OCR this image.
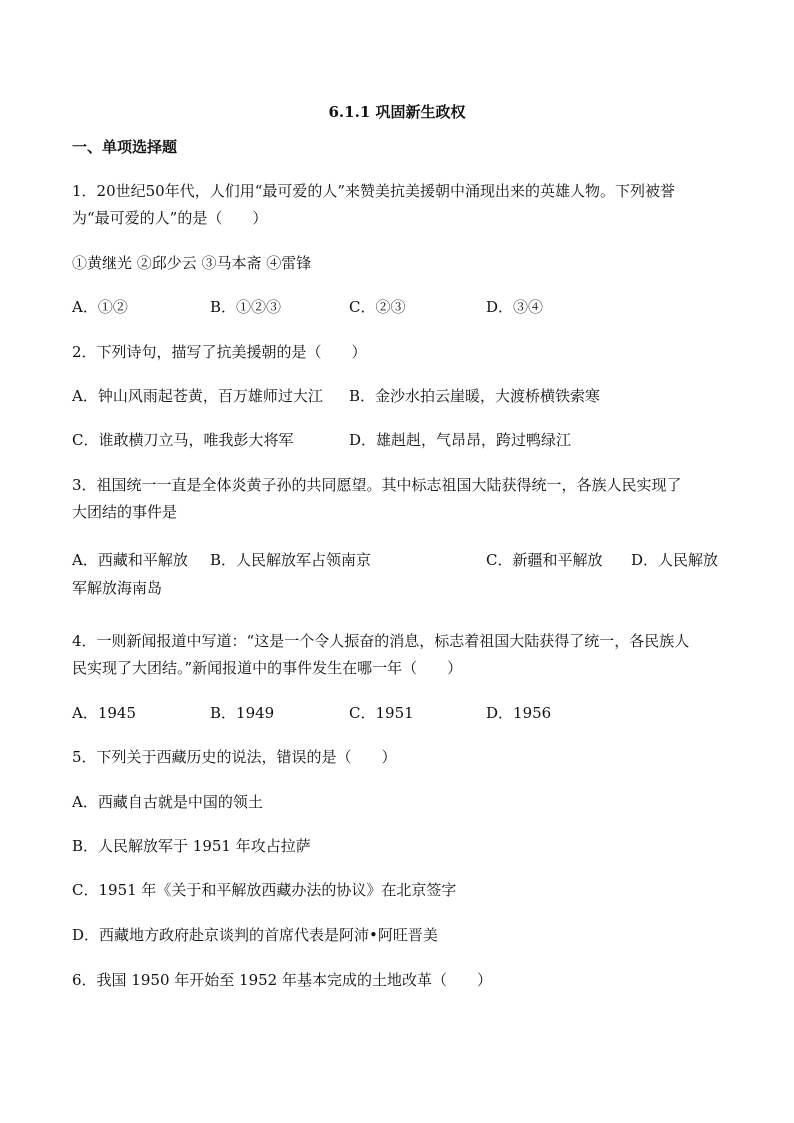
6.1.1 巩固新生政权
一、单项选择题
1．20世纪50年代，人们用“最可爱的人”来赞美抗美援朝中涌现出来的英雄人物。下列被誉
为“最可爱的人”的是（　　）
①黄继光 ②邱少云 ③马本斋 ④雷锋
A．①②	B．①②③	C．②③	D．③④
2．下列诗句，描写了抗美援朝的是（　　）
A．钟山风雨起苍黄，百万雄师过大江 B．金沙水拍云崖暖，大渡桥横铁索寒
C．谁敢横刀立马，唯我彭大将军	D．雄赳赳，气昂昂，跨过鸭绿江
3．祖国统一一直是全体炎黄子孙的共同愿望。其中标志祖国大陆获得统一，各族人民实现了
大团结的事件是
A．西藏和平解放 B．人民解放军占领南京	C．新疆和平解放 D．人民解放
军解放海南岛
4．一则新闻报道中写道：“这是一个令人振奋的消息，标志着祖国大陆获得了统一，各民族人
民实现了大团结。”新闻报道中的事件发生在哪一年（　　）
A．1945	B．1949	C．1951	D．1956
5．下列关于西藏历史的说法，错误的是（　　）
A．西藏自古就是中国的领土
B．人民解放军于 1951 年攻占拉萨
C．1951 年《关于和平解放西藏办法的协议》在北京签字
D．西藏地方政府赴京谈判的首席代表是阿沛•阿旺晋美
6．我国 1950 年开始至 1952 年基本完成的土地改革（　　）
